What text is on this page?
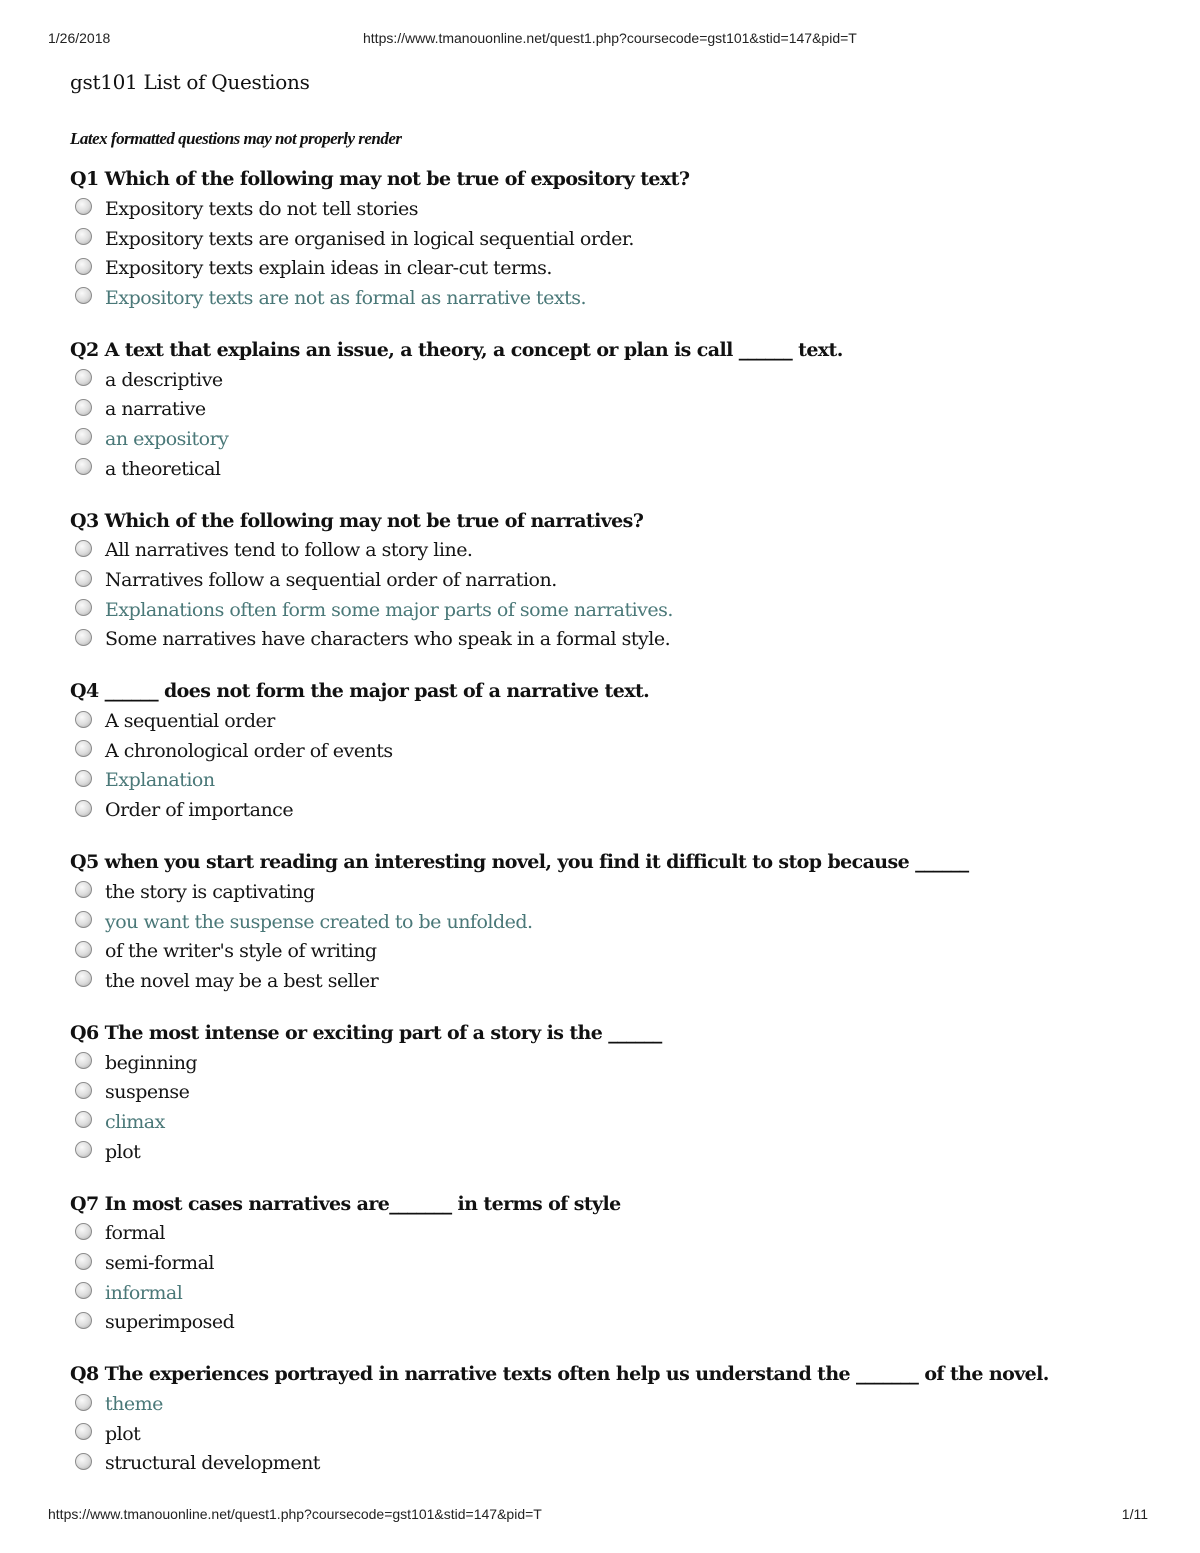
1/26/2018	https://www.tmanouonline.net/quest1.php?coursecode=gst101&stid=147&pid=T
gst101 List of Questions
Latex formatted questions may not properly render
Q1 Which of the following may not be true of expository text?
Expository texts do not tell stories
Expository texts are organised in logical sequential order.
Expository texts explain ideas in clear-cut terms.
Expository texts are not as formal as narrative texts.
Q2 A text that explains an issue, a theory, a concept or plan is call ______ text.
a descriptive
a narrative
an expository
a theoretical
Q3 Which of the following may not be true of narratives?
All narratives tend to follow a story line.
Narratives follow a sequential order of narration.
Explanations often form some major parts of some narratives.
Some narratives have characters who speak in a formal style.
Q4 ______ does not form the major past of a narrative text.
A sequential order
A chronological order of events
Explanation
Order of importance
Q5 when you start reading an interesting novel, you find it difficult to stop because ______
the story is captivating
you want the suspense created to be unfolded.
of the writer's style of writing
the novel may be a best seller
Q6 The most intense or exciting part of a story is the ______
beginning
suspense
climax
plot
Q7 In most cases narratives are_______ in terms of style
formal
semi-formal
informal
superimposed
Q8 The experiences portrayed in narrative texts often help us understand the _______ of the novel.
theme
plot
structural development
https://www.tmanouonline.net/quest1.php?coursecode=gst101&stid=147&pid=T	1/11
